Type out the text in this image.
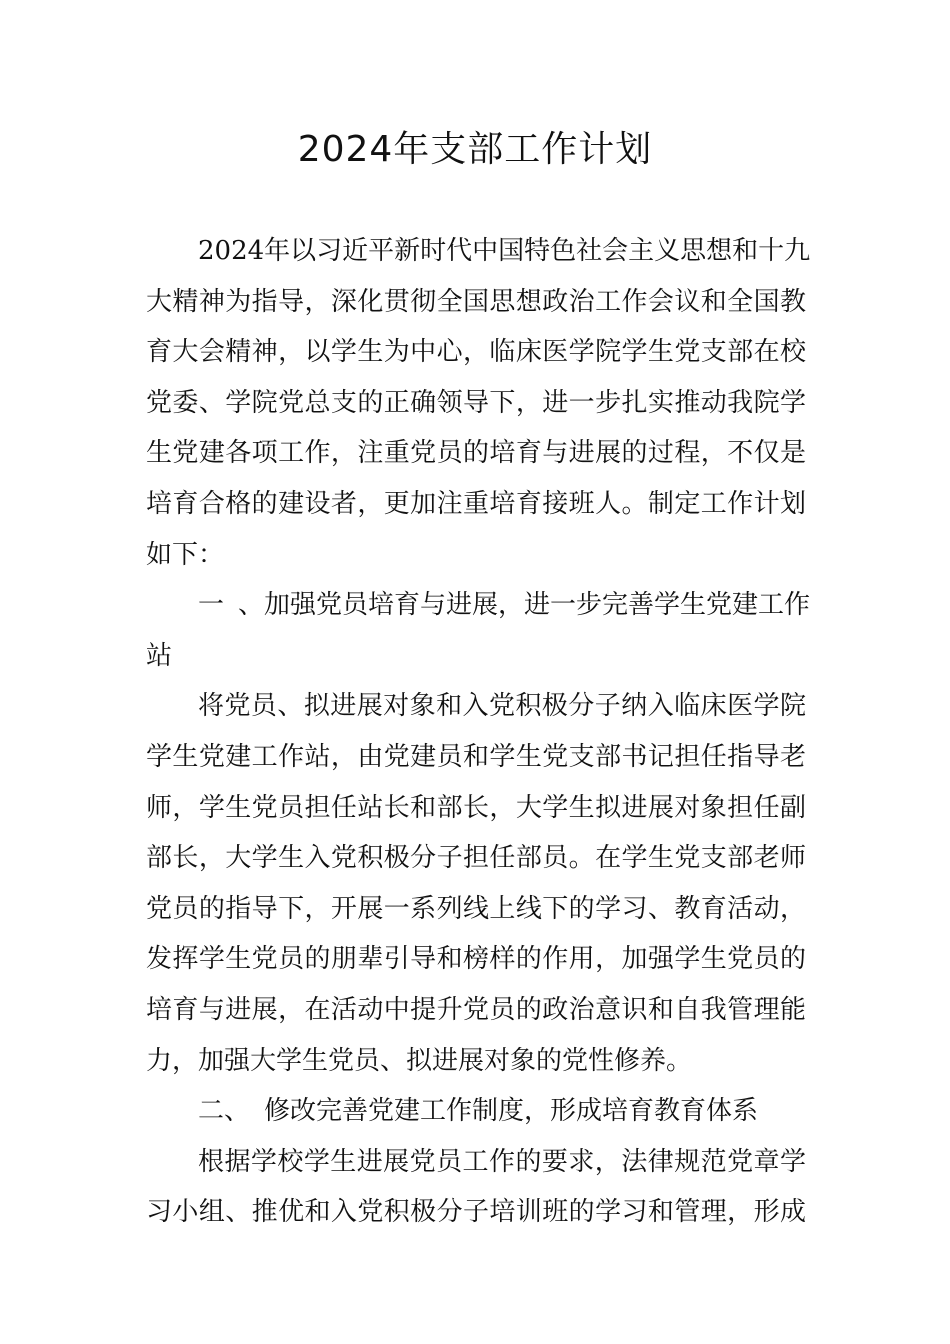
2024年支部工作计划
2024年以习近平新时代中国特色社会主义思想和十九
大精神为指导，深化贯彻全国思想政治工作会议和全国教
育大会精神，以学生为中心，临床医学院学生党支部在校
党委、学院党总支的正确领导下，进一步扎实推动我院学
生党建各项工作，注重党员的培育与进展的过程，不仅是
培育合格的建设者，更加注重培育接班人。制定工作计划
如下：
一、加强党员培育与进展，进一步完善学生党建工作
站
将党员、拟进展对象和入党积极分子纳入临床医学院
学生党建工作站，由党建员和学生党支部书记担任指导老
师，学生党员担任站长和部长，大学生拟进展对象担任副
部长，大学生入党积极分子担任部员。在学生党支部老师
党员的指导下，开展一系列线上线下的学习、教育活动，
发挥学生党员的朋辈引导和榜样的作用，加强学生党员的
培育与进展，在活动中提升党员的政治意识和自我管理能
力，加强大学生党员、拟进展对象的党性修养。
二、 修改完善党建工作制度，形成培育教育体系
根据学校学生进展党员工作的要求，法律规范党章学
习小组、推优和入党积极分子培训班的学习和管理，形成
